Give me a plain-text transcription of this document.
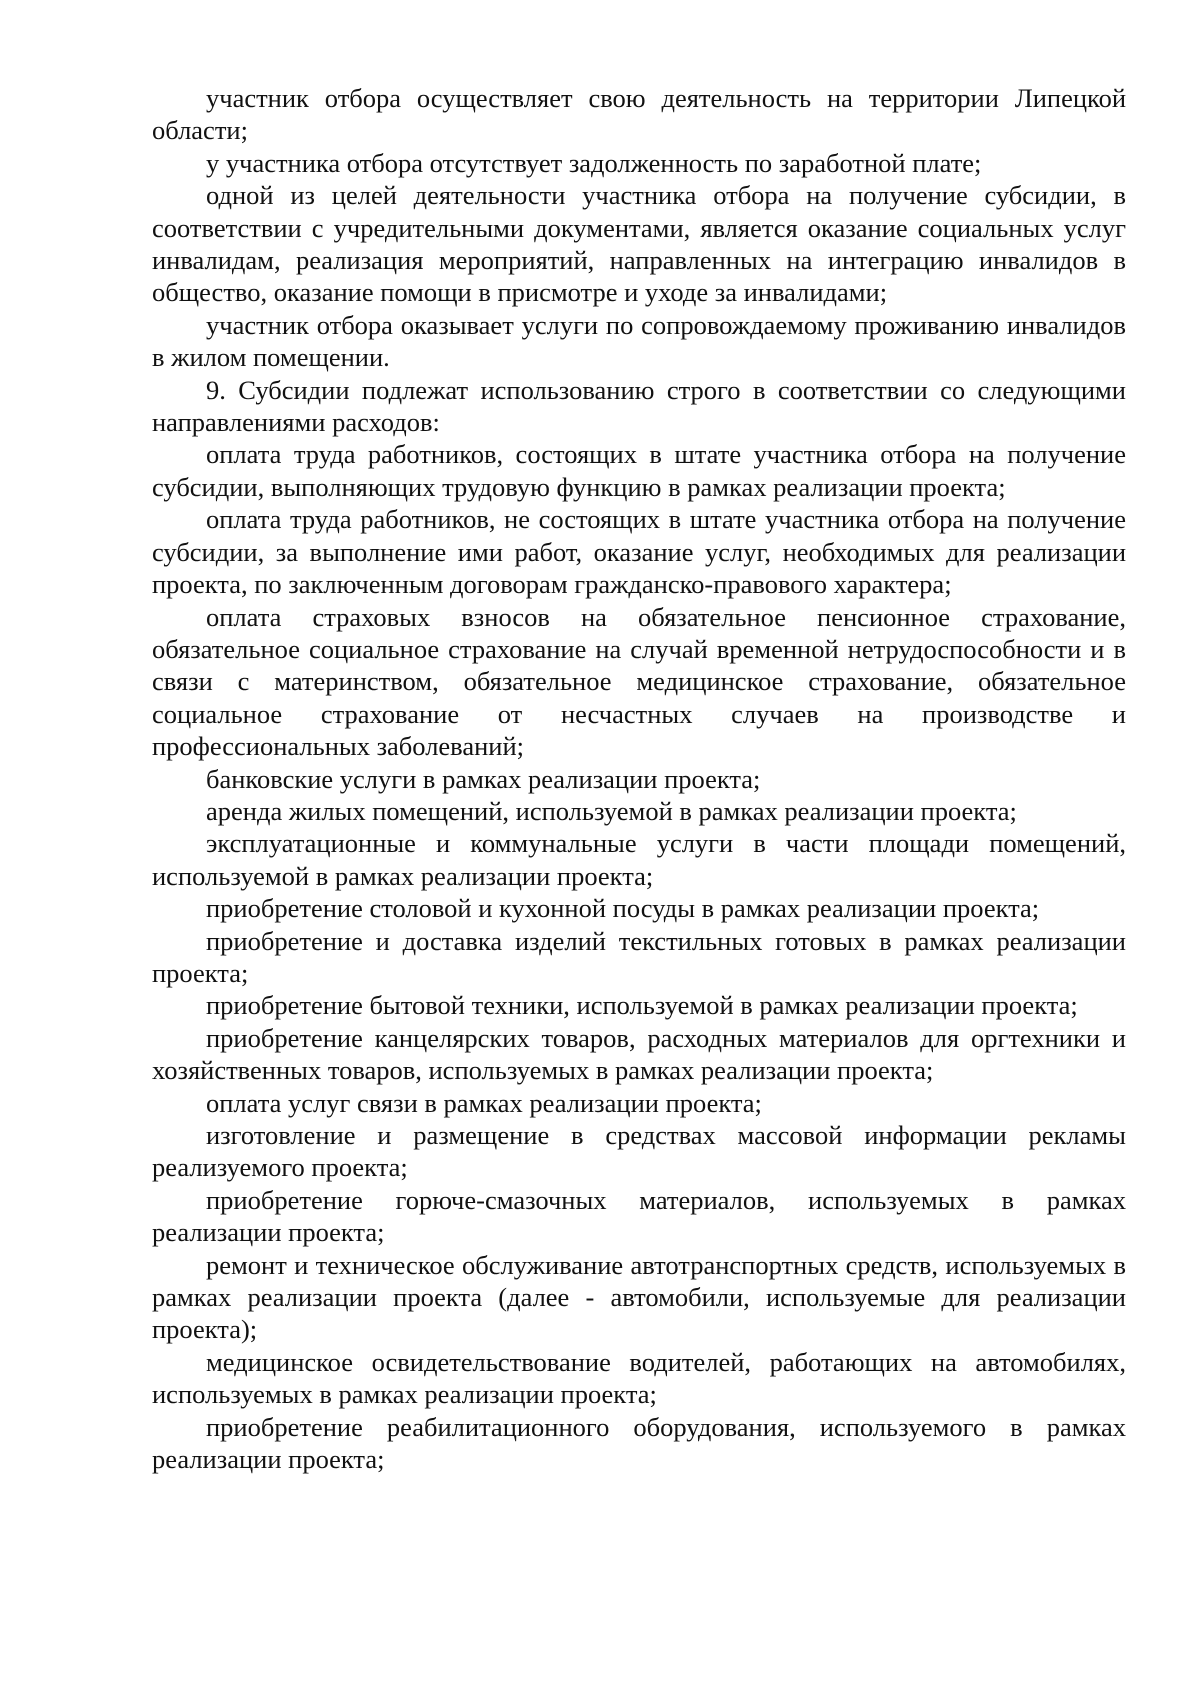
участник отбора осуществляет свою деятельность на территории Липецкой области;

у участника отбора отсутствует задолженность по заработной плате;

одной из целей деятельности участника отбора на получение субсидии, в соответствии с учредительными документами, является оказание социальных услуг инвалидам, реализация мероприятий, направленных на интеграцию инвалидов в общество, оказание помощи в присмотре и уходе за инвалидами;

участник отбора оказывает услуги по сопровождаемому проживанию инвалидов в жилом помещении.

9. Субсидии подлежат использованию строго в соответствии со следующими направлениями расходов:

оплата труда работников, состоящих в штате участника отбора на получение субсидии, выполняющих трудовую функцию в рамках реализации проекта;

оплата труда работников, не состоящих в штате участника отбора на получение субсидии, за выполнение ими работ, оказание услуг, необходимых для реализации проекта, по заключенным договорам гражданско-правового характера;

оплата страховых взносов на обязательное пенсионное страхование, обязательное социальное страхование на случай временной нетрудоспособности и в связи с материнством, обязательное медицинское страхование, обязательное социальное страхование от несчастных случаев на производстве и профессиональных заболеваний;

банковские услуги в рамках реализации проекта;

аренда жилых помещений, используемой в рамках реализации проекта;

эксплуатационные и коммунальные услуги в части площади помещений, используемой в рамках реализации проекта;

приобретение столовой и кухонной посуды в рамках реализации проекта;

приобретение и доставка изделий текстильных готовых в рамках реализации проекта;

приобретение бытовой техники, используемой в рамках реализации проекта;

приобретение канцелярских товаров, расходных материалов для оргтехники и хозяйственных товаров, используемых в рамках реализации проекта;

оплата услуг связи в рамках реализации проекта;

изготовление и размещение в средствах массовой информации рекламы реализуемого проекта;

приобретение горюче-смазочных материалов, используемых в рамках реализации проекта;

ремонт и техническое обслуживание автотранспортных средств, используемых в рамках реализации проекта (далее - автомобили, используемые для реализации проекта);

медицинское освидетельствование водителей, работающих на автомобилях, используемых в рамках реализации проекта;

приобретение реабилитационного оборудования, используемого в рамках реализации проекта;
